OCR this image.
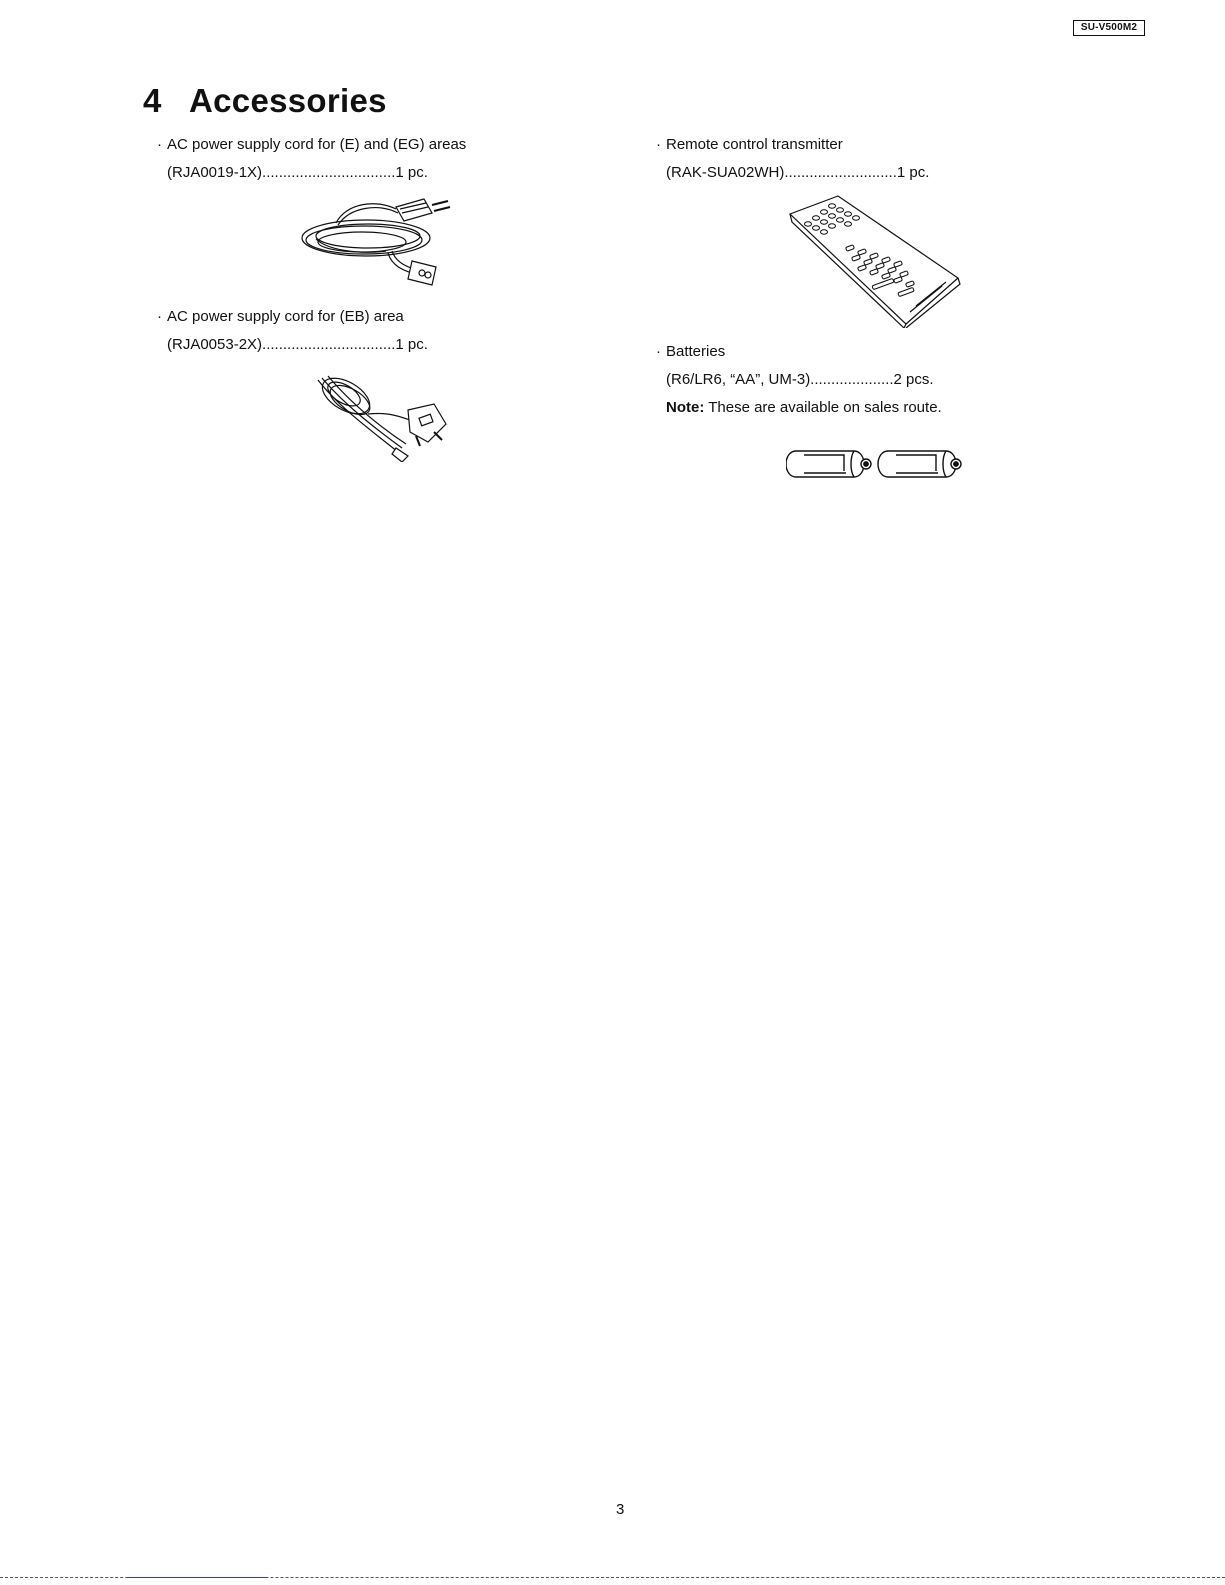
SU-V500M2
4 Accessories
· AC power supply cord for (E) and (EG) areas
(RJA0019-1X)................................1 pc.
· AC power supply cord for (EB) area
(RJA0053-2X)................................1 pc.
· Remote control transmitter
(RAK-SUA02WH)...........................1 pc.
· Batteries
(R6/LR6, “AA”, UM-3)....................2 pcs.
Note: These are available on sales route.
3
